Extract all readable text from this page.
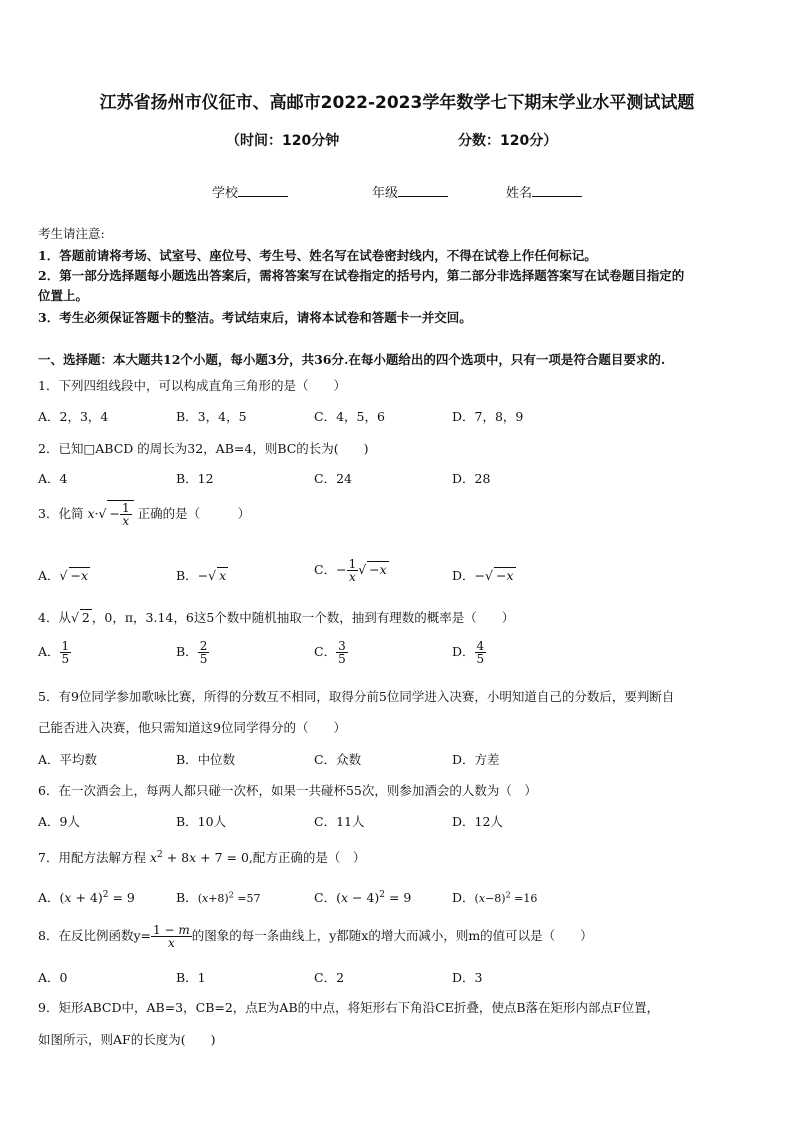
江苏省扬州市仪征市、高邮市2022-2023学年数学七下期末学业水平测试试题
（时间：120分钟	分数：120分）
学校	年级	姓名
考生请注意:
1．答题前请将考场、试室号、座位号、考生号、姓名写在试卷密封线内，不得在试卷上作任何标记。
2．第一部分选择题每小题选出答案后，需将答案写在试卷指定的括号内，第二部分非选择题答案写在试卷题目指定的
位置上。
3．考生必须保证答题卡的整洁。考试结束后，请将本试卷和答题卡一并交回。
一、选择题：本大题共12个小题，每小题3分，共36分.在每小题给出的四个选项中，只有一项是符合题目要求的.
1．下列四组线段中，可以构成直角三角形的是（　　）
A．2，3，4	B．3，4，5	C．4，5，6	D．7，8，9
2．已知□ABCD 的周长为32，AB=4，则BC的长为(　　)
A．4	B．12	C．24	D．28
3．化简 $x\cdot√ - \frac{1}{x}$ 正确的是（　　　）
A．√ −x	B．−√ x	C．− $\frac{1}{x}$ √ −x	D．−√ −x
4．从√ 2 ，0，π，3.14，6这5个数中随机抽取一个数，抽到有理数的概率是（　　）
A． $\frac{1}{5}$	B． $\frac{2}{5}$	C． $\frac{3}{5}$	D． $\frac{4}{5}$
5．有9位同学参加歌咏比赛，所得的分数互不相同，取得分前5位同学进入决赛，小明知道自己的分数后，要判断自
己能否进入决赛，他只需知道这9位同学得分的（　　）
A．平均数	B．中位数	C．众数	D．方差
6．在一次酒会上，每两人都只碰一次杯，如果一共碰杯55次，则参加酒会的人数为（　）
A．9人	B．10人	C．11人	D．12人
7．用配方法解方程 $x^2 + 8x + 7 = 0$,配方正确的是（　）
A．$(x + 4)^2 = 9$	B．$(x+8)^2 =57$	C．$(x - 4)^2 = 9$	D．$(x-8)^2 =16$
8．在反比例函数$y= \frac{1 - m}{x}$ 的图象的每一条曲线上，y都随x的增大而减小，则m的值可以是（　　）
A．0	B．1	C．2	D．3
9．矩形ABCD中，AB=3，CB=2，点E为AB的中点，将矩形右下角沿CE折叠，使点B落在矩形内部点F位置，
如图所示，则AF的长度为(　　)
